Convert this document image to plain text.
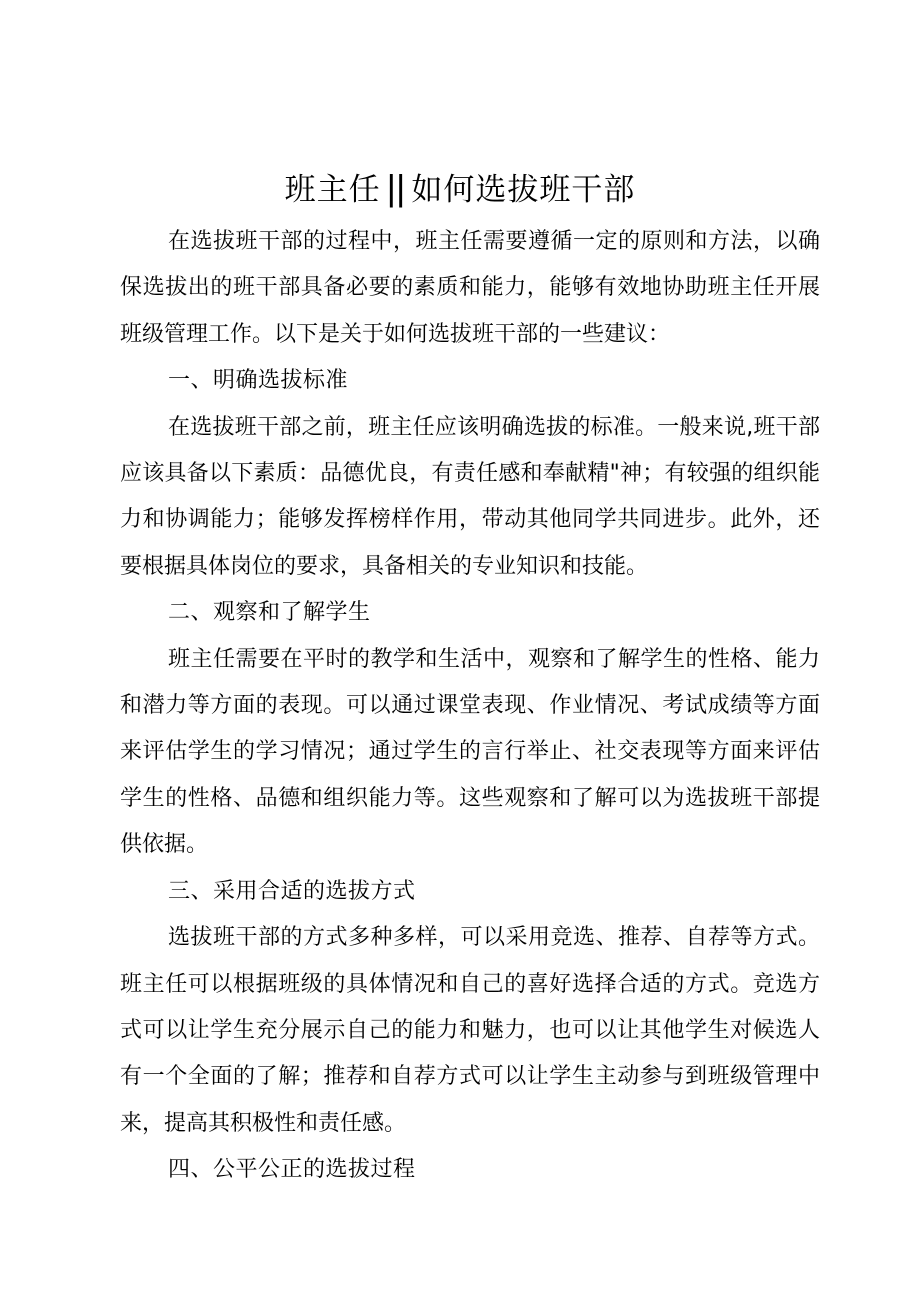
班主任 || 如何选拔班干部

在选拔班干部的过程中，班主任需要遵循一定的原则和方法，以确保选拔出的班干部具备必要的素质和能力，能够有效地协助班主任开展班级管理工作。以下是关于如何选拔班干部的一些建议：

一、明确选拔标准

在选拔班干部之前，班主任应该明确选拔的标准。一般来说,班干部应该具备以下素质：品德优良，有责任感和奉献精"神；有较强的组织能力和协调能力；能够发挥榜样作用，带动其他同学共同进步。此外，还要根据具体岗位的要求，具备相关的专业知识和技能。

二、观察和了解学生

班主任需要在平时的教学和生活中，观察和了解学生的性格、能力和潜力等方面的表现。可以通过课堂表现、作业情况、考试成绩等方面来评估学生的学习情况；通过学生的言行举止、社交表现等方面来评估学生的性格、品德和组织能力等。这些观察和了解可以为选拔班干部提供依据。

三、采用合适的选拔方式

选拔班干部的方式多种多样，可以采用竞选、推荐、自荐等方式。班主任可以根据班级的具体情况和自己的喜好选择合适的方式。竞选方式可以让学生充分展示自己的能力和魅力，也可以让其他学生对候选人有一个全面的了解；推荐和自荐方式可以让学生主动参与到班级管理中来，提高其积极性和责任感。

四、公平公正的选拔过程
